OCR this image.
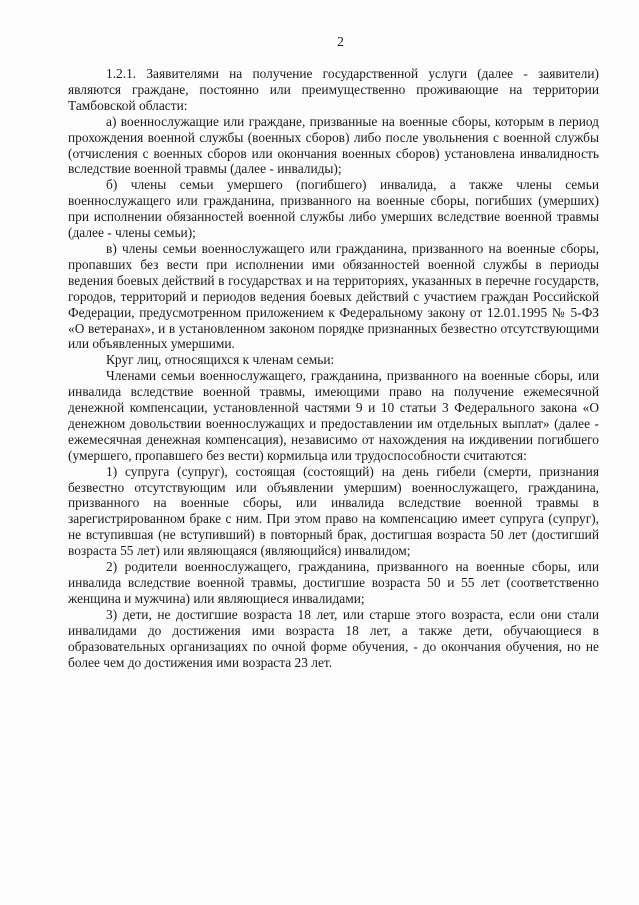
2

1.2.1. Заявителями на получение государственной услуги (далее - заявители) являются граждане, постоянно или преимущественно проживающие на территории Тамбовской области:

а) военнослужащие или граждане, призванные на военные сборы, которым в период прохождения военной службы (военных сборов) либо после увольнения с военной службы (отчисления с военных сборов или окончания военных сборов) установлена инвалидность вследствие военной травмы (далее - инвалиды);

б) члены семьи умершего (погибшего) инвалида, а также члены семьи военнослужащего или гражданина, призванного на военные сборы, погибших (умерших) при исполнении обязанностей военной службы либо умерших вследствие военной травмы (далее - члены семьи);

в) члены семьи военнослужащего или гражданина, призванного на военные сборы, пропавших без вести при исполнении ими обязанностей военной службы в периоды ведения боевых действий в государствах и на территориях, указанных в перечне государств, городов, территорий и периодов ведения боевых действий с участием граждан Российской Федерации, предусмотренном приложением к Федеральному закону от 12.01.1995 № 5-ФЗ «О ветеранах», и в установленном законом порядке признанных безвестно отсутствующими или объявленных умершими.

Круг лиц, относящихся к членам семьи:

Членами семьи военнослужащего, гражданина, призванного на военные сборы, или инвалида вследствие военной травмы, имеющими право на получение ежемесячной денежной компенсации, установленной частями 9 и 10 статьи 3 Федерального закона «О денежном довольствии военнослужащих и предоставлении им отдельных выплат» (далее - ежемесячная денежная компенсация), независимо от нахождения на иждивении погибшего (умершего, пропавшего без вести) кормильца или трудоспособности считаются:

1) супруга (супруг), состоящая (состоящий) на день гибели (смерти, признания безвестно отсутствующим или объявлении умершим) военнослужащего, гражданина, призванного на военные сборы, или инвалида вследствие военной травмы в зарегистрированном браке с ним. При этом право на компенсацию имеет супруга (супруг), не вступившая (не вступивший) в повторный брак, достигшая возраста 50 лет (достигший возраста 55 лет) или являющаяся (являющийся) инвалидом;

2) родители военнослужащего, гражданина, призванного на военные сборы, или инвалида вследствие военной травмы, достигшие возраста 50 и 55 лет (соответственно женщина и мужчина) или являющиеся инвалидами;

3) дети, не достигшие возраста 18 лет, или старше этого возраста, если они стали инвалидами до достижения ими возраста 18 лет, а также дети, обучающиеся в образовательных организациях по очной форме обучения, - до окончания обучения, но не более чем до достижения ими возраста 23 лет.
